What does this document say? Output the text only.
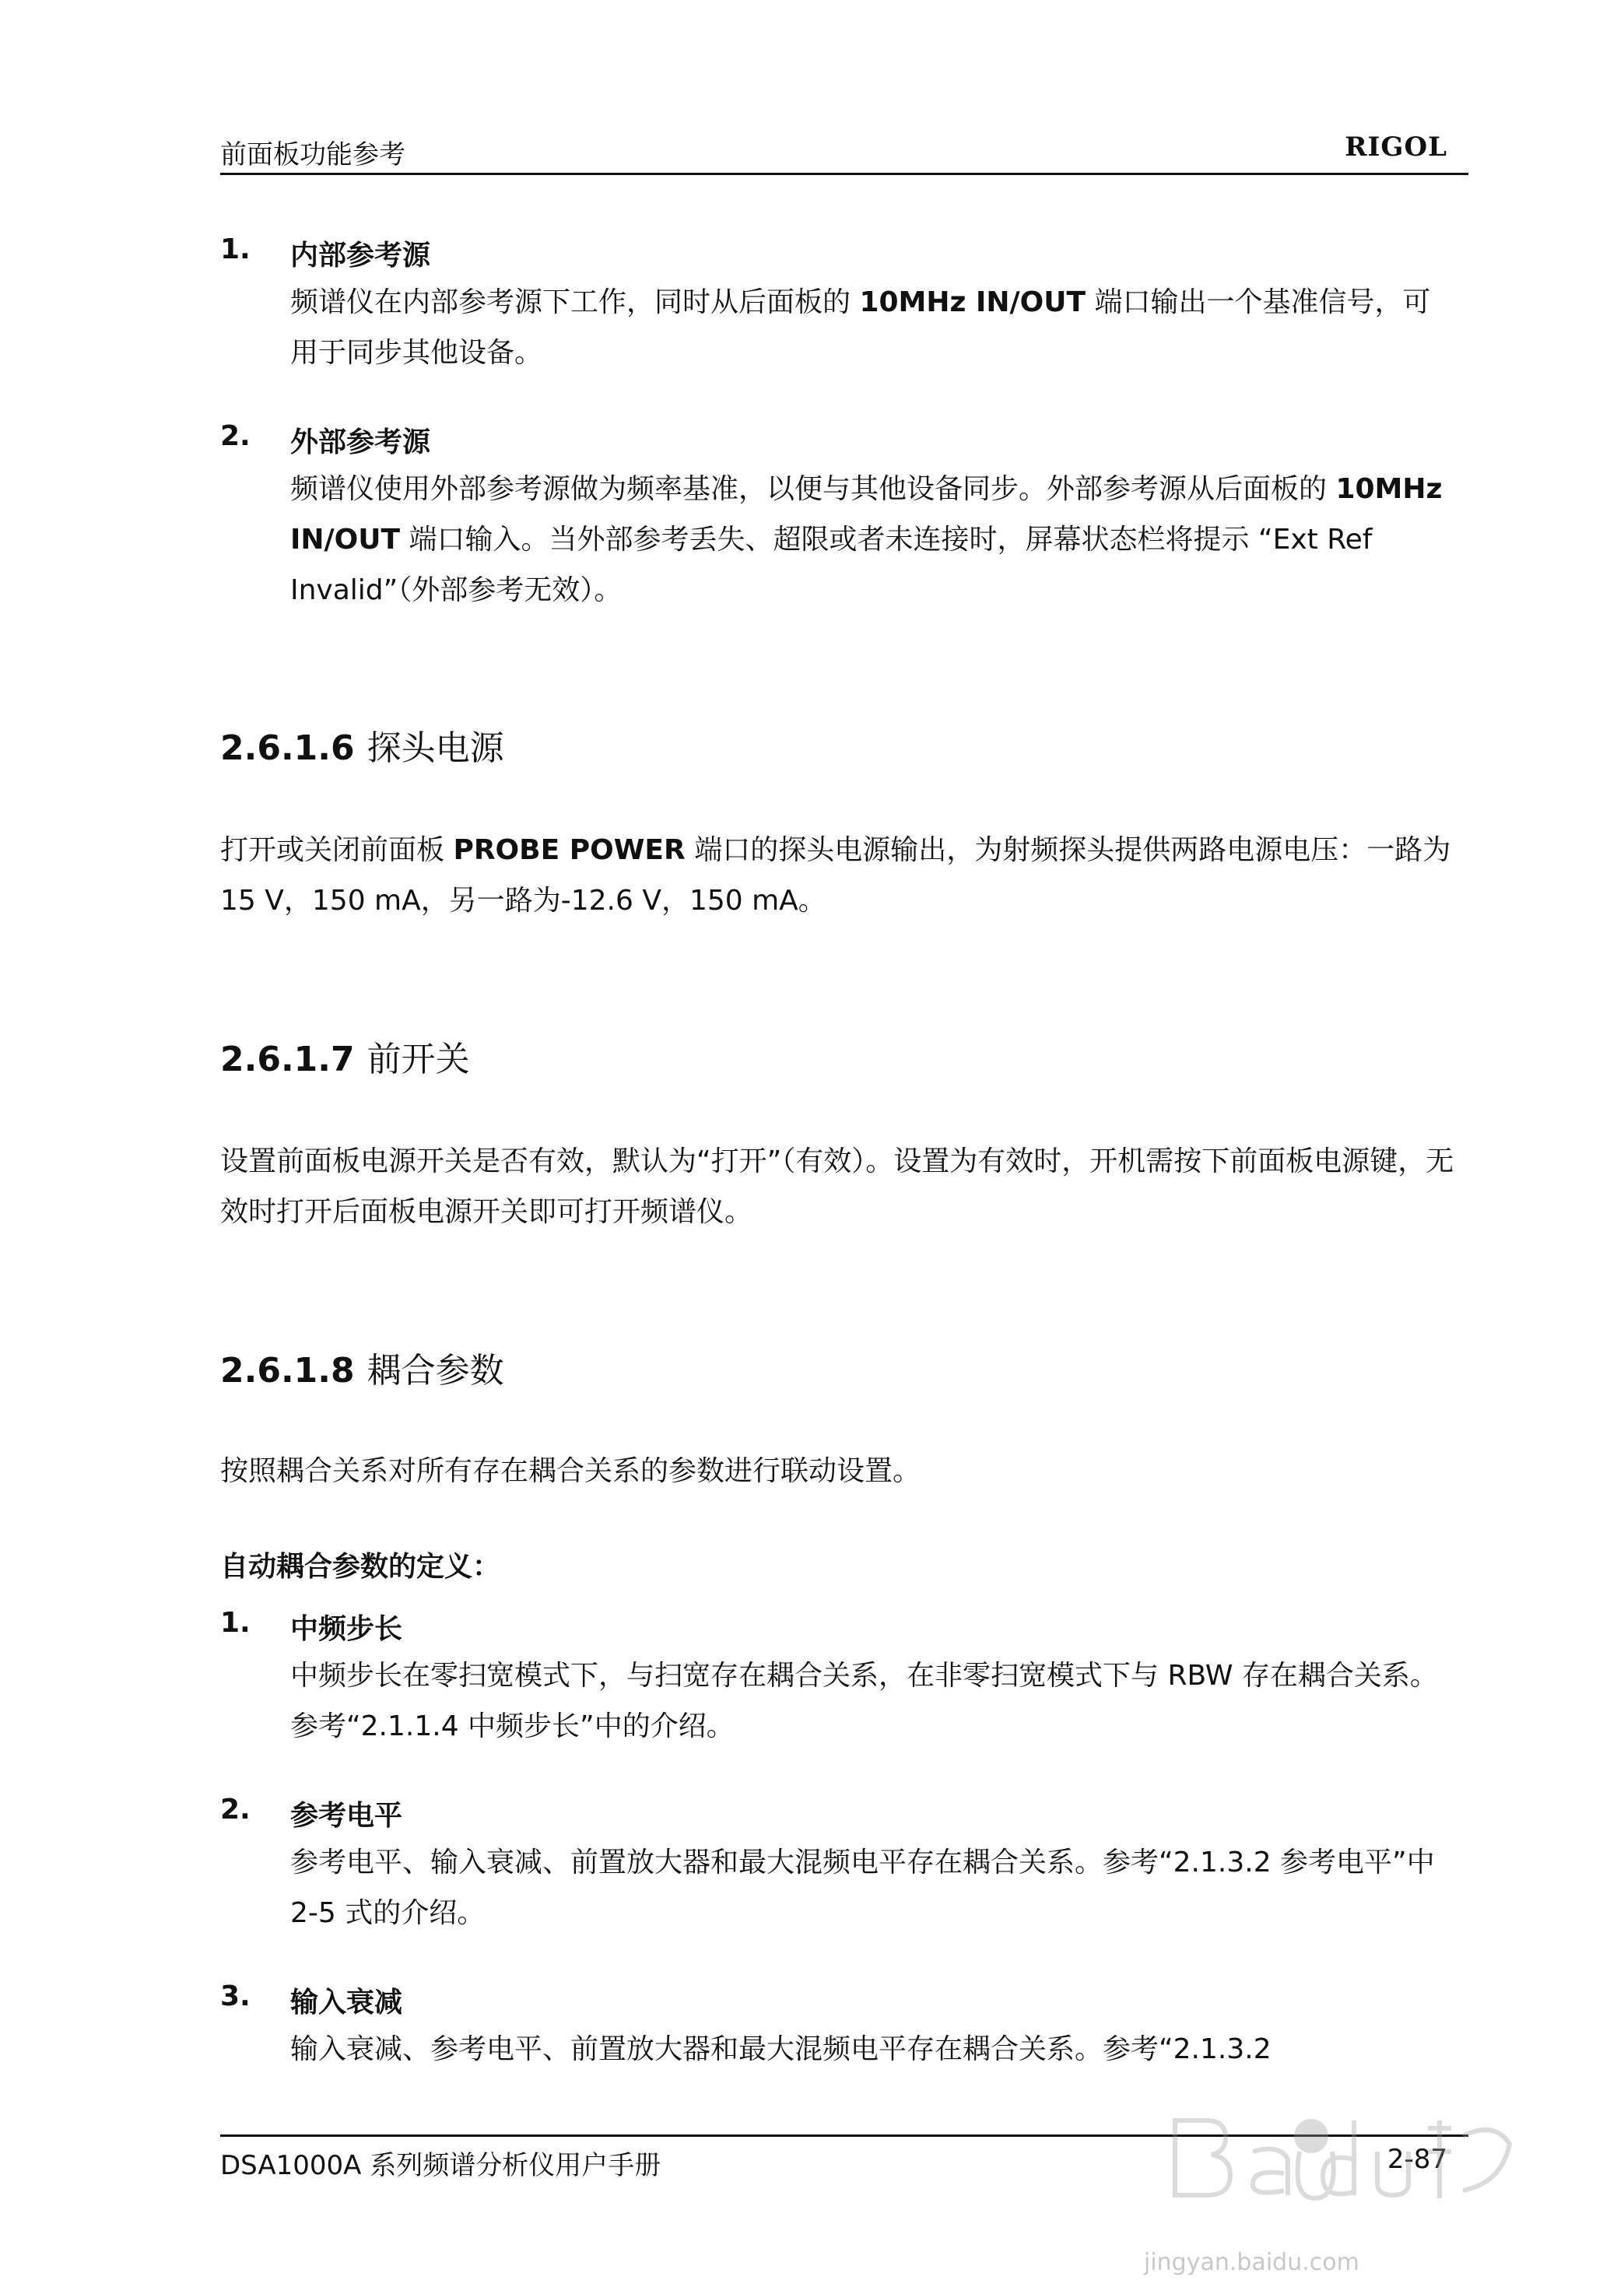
前面板功能参考	RIGOL
1. 内部参考源
频谱仪在内部参考源下工作，同时从后面板的 10MHz IN/OUT 端口输出一个基准信号，可用于同步其他设备。
2. 外部参考源
频谱仪使用外部参考源做为频率基准，以便与其他设备同步。外部参考源从后面板的 10MHz IN/OUT 端口输入。当外部参考丢失、超限或者未连接时，屏幕状态栏将提示 “Ext Ref Invalid”（外部参考无效）。
2.6.1.6 探头电源
打开或关闭前面板 PROBE POWER 端口的探头电源输出，为射频探头提供两路电源电压：一路为 15 V，150 mA，另一路为-12.6 V，150 mA。
2.6.1.7 前开关
设置前面板电源开关是否有效，默认为“打开”（有效）。设置为有效时，开机需按下前面板电源键，无效时打开后面板电源开关即可打开频谱仪。
2.6.1.8 耦合参数
按照耦合关系对所有存在耦合关系的参数进行联动设置。
自动耦合参数的定义：
1. 中频步长
中频步长在零扫宽模式下，与扫宽存在耦合关系，在非零扫宽模式下与 RBW 存在耦合关系。参考“2.1.1.4 中频步长”中的介绍。
2. 参考电平
参考电平、输入衰减、前置放大器和最大混频电平存在耦合关系。参考“2.1.3.2 参考电平”中 2-5 式的介绍。
3. 输入衰减
输入衰减、参考电平、前置放大器和最大混频电平存在耦合关系。参考“2.1.3.2
DSA1000A 系列频谱分析仪用户手册	2-87
jingyan.baidu.com
